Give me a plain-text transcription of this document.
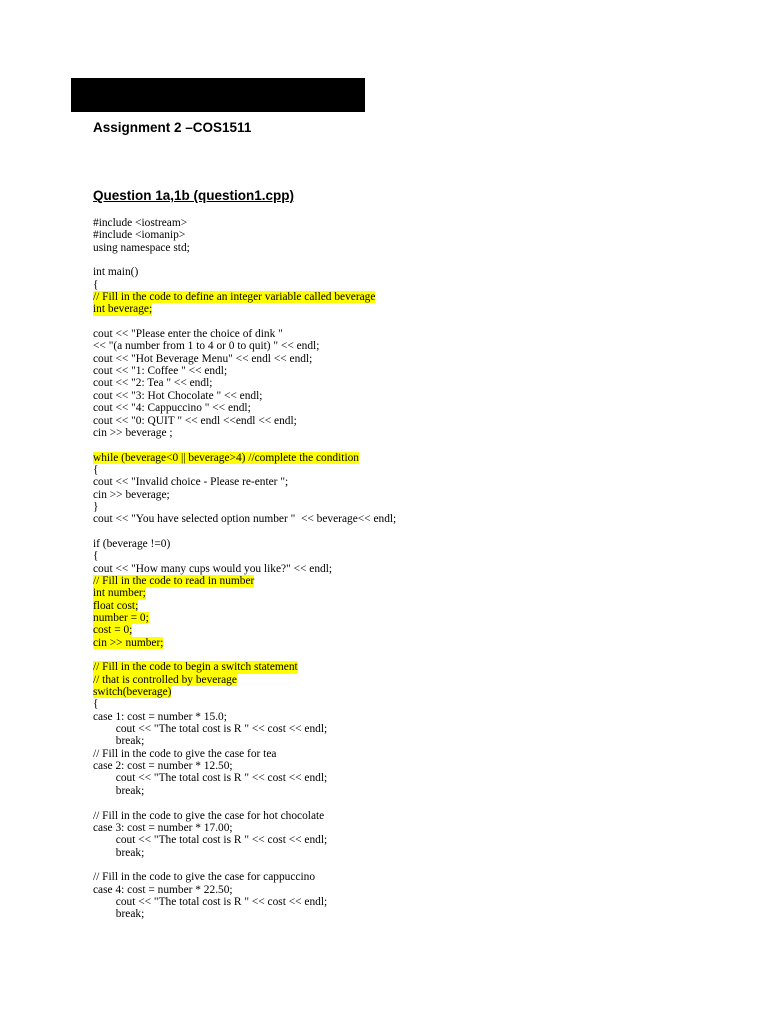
Assignment 2 –COS1511
Question 1a,1b (question1.cpp)
#include <iostream>
#include <iomanip>
using namespace std;
int main()
{
// Fill in the code to define an integer variable called beverage
int beverage;
cout << "Please enter the choice of dink "
<< "(a number from 1 to 4 or 0 to quit) " << endl;
cout << "Hot Beverage Menu" << endl << endl;
cout << "1: Coffee " << endl;
cout << "2: Tea " << endl;
cout << "3: Hot Chocolate " << endl;
cout << "4: Cappuccino " << endl;
cout << "0: QUIT " << endl <<endl << endl;
cin >> beverage ;
while (beverage<0 || beverage>4) //complete the condition
{
cout << "Invalid choice - Please re-enter ";
cin >> beverage;
}
cout << "You have selected option number "  << beverage<< endl;
if (beverage !=0)
{
cout << "How many cups would you like?" << endl;
// Fill in the code to read in number
int number;
float cost;
number = 0;
cost = 0;
cin >> number;
// Fill in the code to begin a switch statement
// that is controlled by beverage
switch(beverage)
{
case 1: cost = number * 15.0;
cout << "The total cost is R " << cost << endl;
break;
// Fill in the code to give the case for tea
case 2: cost = number * 12.50;
cout << "The total cost is R " << cost << endl;
break;
// Fill in the code to give the case for hot chocolate
case 3: cost = number * 17.00;
cout << "The total cost is R " << cost << endl;
break;
// Fill in the code to give the case for cappuccino
case 4: cost = number * 22.50;
cout << "The total cost is R " << cost << endl;
break;
